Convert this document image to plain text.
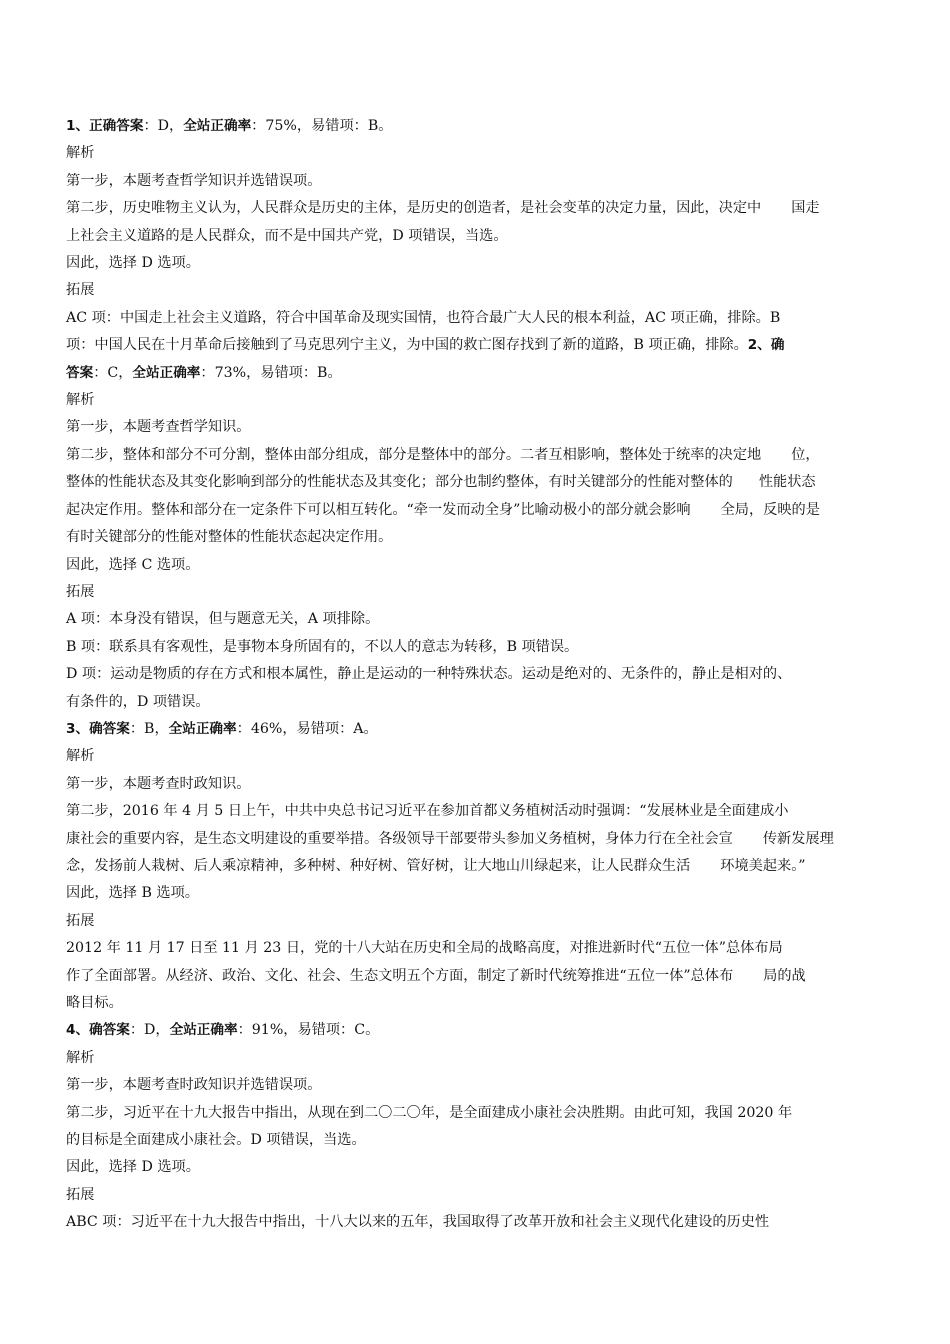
1、正确答案：D，全站正确率：75%，易错项：B。
解析
第一步，本题考查哲学知识并选错误项。
第二步，历史唯物主义认为，人民群众是历史的主体，是历史的创造者，是社会变革的决定力量，因此，决定中 国走
上社会主义道路的是人民群众，而不是中国共产党，D 项错误，当选。
因此，选择 D 选项。
拓展
AC 项：中国走上社会主义道路，符合中国革命及现实国情，也符合最广大人民的根本利益，AC 项正确，排除。B
项：中国人民在十月革命后接触到了马克思列宁主义，为中国的救亡图存找到了新的道路，B 项正确，排除。2、确
答案：C，全站正确率：73%，易错项：B。
解析
第一步，本题考查哲学知识。
第二步，整体和部分不可分割，整体由部分组成，部分是整体中的部分。二者互相影响，整体处于统率的决定地 位，
整体的性能状态及其变化影响到部分的性能状态及其变化；部分也制约整体，有时关键部分的性能对整体的 性能状态
起决定作用。整体和部分在一定条件下可以相互转化。“牵一发而动全身”比喻动极小的部分就会影响 全局，反映的是
有时关键部分的性能对整体的性能状态起决定作用。
因此，选择 C 选项。
拓展
A 项：本身没有错误，但与题意无关，A 项排除。
B 项：联系具有客观性，是事物本身所固有的，不以人的意志为转移，B 项错误。
D 项：运动是物质的存在方式和根本属性，静止是运动的一种特殊状态。运动是绝对的、无条件的，静止是相对的、
有条件的，D 项错误。
3、确答案：B，全站正确率：46%，易错项：A。
解析
第一步，本题考查时政知识。
第二步，2016 年 4 月 5 日上午，中共中央总书记习近平在参加首都义务植树活动时强调：“发展林业是全面建成小
康社会的重要内容，是生态文明建设的重要举措。各级领导干部要带头参加义务植树，身体力行在全社会宣 传新发展理
念，发扬前人栽树、后人乘凉精神，多种树、种好树、管好树，让大地山川绿起来，让人民群众生活 环境美起来。”
因此，选择 B 选项。
拓展
2012 年 11 月 17 日至 11 月 23 日，党的十八大站在历史和全局的战略高度，对推进新时代“五位一体”总体布局
作了全面部署。从经济、政治、文化、社会、生态文明五个方面，制定了新时代统筹推进“五位一体”总体布 局的战
略目标。
4、确答案：D，全站正确率：91%，易错项：C。
解析
第一步，本题考查时政知识并选错误项。
第二步，习近平在十九大报告中指出，从现在到二〇二〇年，是全面建成小康社会决胜期。由此可知，我国 2020 年
的目标是全面建成小康社会。D 项错误，当选。
因此，选择 D 选项。
拓展
ABC 项：习近平在十九大报告中指出，十八大以来的五年，我国取得了改革开放和社会主义现代化建设的历史性
